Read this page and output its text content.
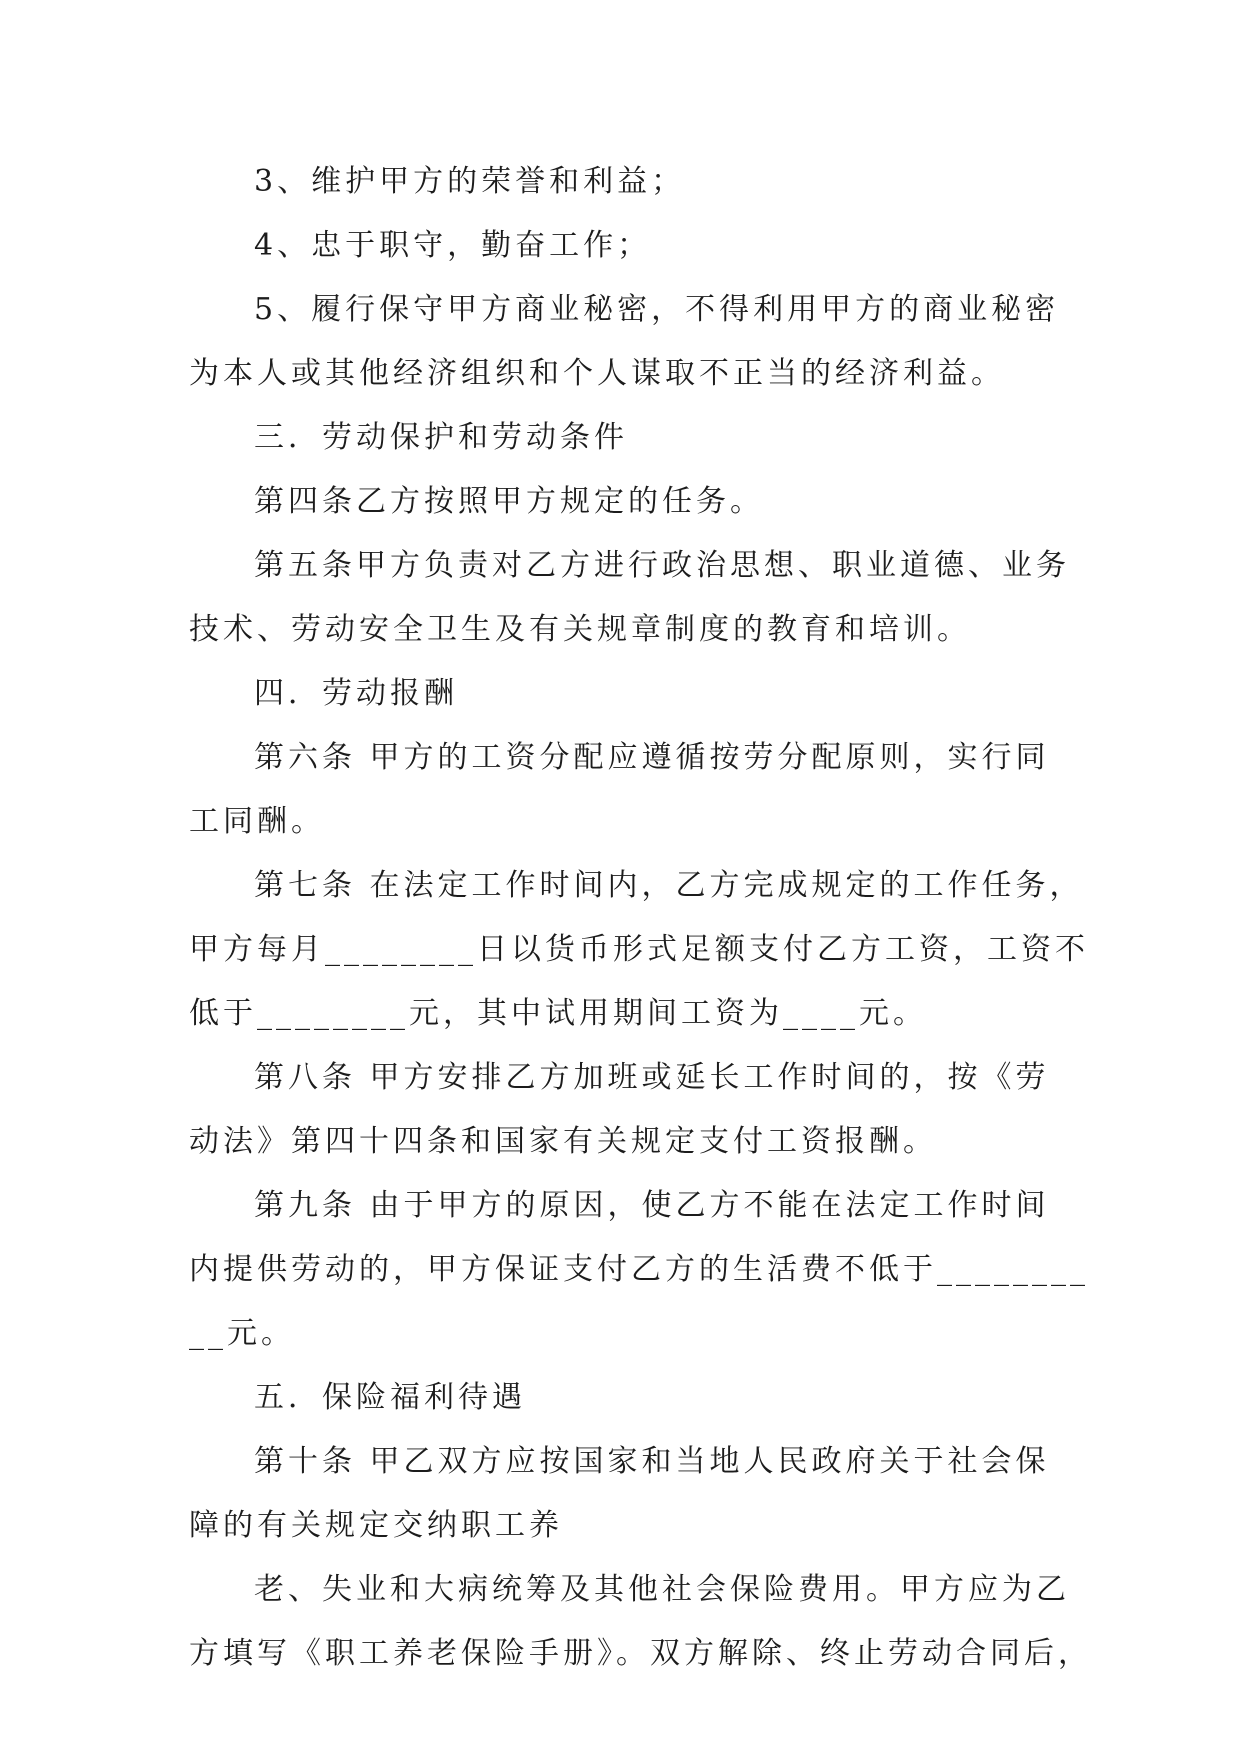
3、维护甲方的荣誉和利益；
4、忠于职守，勤奋工作；
5、履行保守甲方商业秘密，不得利用甲方的商业秘密
为本人或其他经济组织和个人谋取不正当的经济利益。
三．劳动保护和劳动条件
第四条乙方按照甲方规定的任务。
第五条甲方负责对乙方进行政治思想、职业道德、业务
技术、劳动安全卫生及有关规章制度的教育和培训。
四．劳动报酬
第六条 甲方的工资分配应遵循按劳分配原则，实行同
工同酬。
第七条 在法定工作时间内，乙方完成规定的工作任务，
甲方每月________日以货币形式足额支付乙方工资，工资不
低于________元，其中试用期间工资为____元。
第八条 甲方安排乙方加班或延长工作时间的，按《劳
动法》第四十四条和国家有关规定支付工资报酬。
第九条 由于甲方的原因，使乙方不能在法定工作时间
内提供劳动的，甲方保证支付乙方的生活费不低于________
__元。
五．保险福利待遇
第十条 甲乙双方应按国家和当地人民政府关于社会保
障的有关规定交纳职工养
老、失业和大病统筹及其他社会保险费用。甲方应为乙
方填写《职工养老保险手册》。双方解除、终止劳动合同后，
